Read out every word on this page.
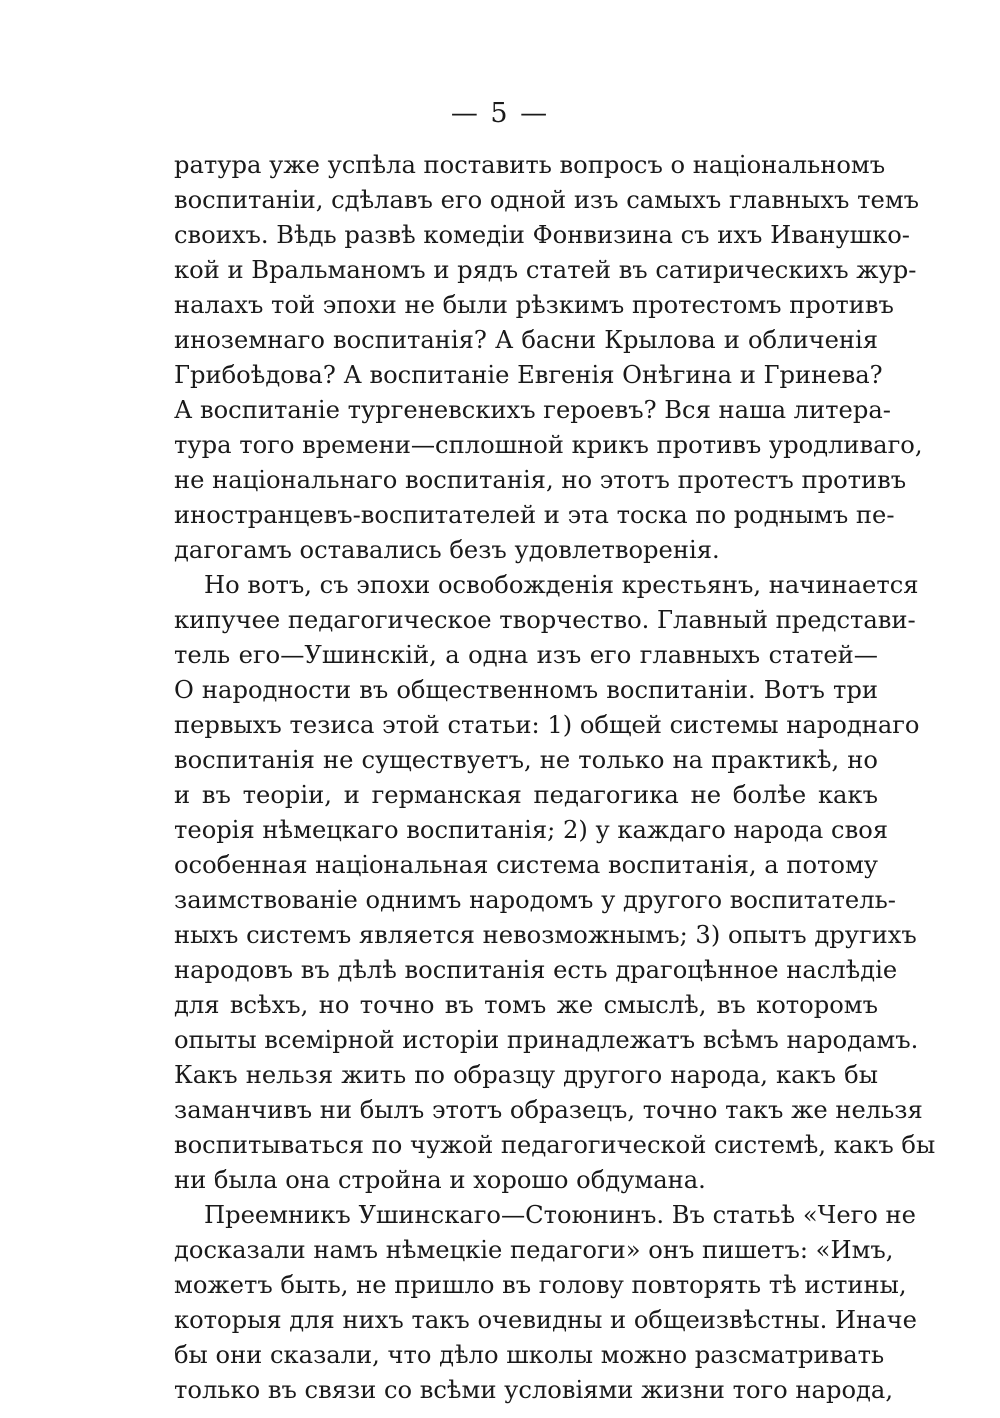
— 5 —

ратура уже успѣла поставить вопросъ о національномъ
воспитаніи, сдѣлавъ его одной изъ самыхъ главныхъ темъ
своихъ. Вѣдь развѣ комедіи Фонвизина съ ихъ Иванушко-
кой и Вральманомъ и рядъ статей въ сатирическихъ жур-
налахъ той эпохи не были рѣзкимъ протестомъ противъ
иноземнаго воспитанія? А басни Крылова и обличенія
Грибоѣдова? А воспитаніе Евгенія Онѣгина и Гринева?
А воспитаніе тургеневскихъ героевъ? Вся наша литера-
тура того времени—сплошной крикъ противъ уродливаго,
не національнаго воспитанія, но этотъ протестъ противъ
иностранцевъ-воспитателей и эта тоска по роднымъ пе-
дагогамъ оставались безъ удовлетворенія.
Но вотъ, съ эпохи освобожденія крестьянъ, начинается
кипучее педагогическое творчество. Главный представи-
тель его—Ушинскій, а одна изъ его главныхъ статей—
О народности въ общественномъ воспитаніи. Вотъ три
первыхъ тезиса этой статьи: 1) общей системы народнаго
воспитанія не существуетъ, не только на практикѣ, но
и въ теоріи, и германская педагогика не болѣе какъ
теорія нѣмецкаго воспитанія; 2) у каждаго народа своя
особенная національная система воспитанія, а потому
заимствованіе однимъ народомъ у другого воспитатель-
ныхъ системъ является невозможнымъ; 3) опытъ другихъ
народовъ въ дѣлѣ воспитанія есть драгоцѣнное наслѣдіе
для всѣхъ, но точно въ томъ же смыслѣ, въ которомъ
опыты всемірной исторіи принадлежатъ всѣмъ народамъ.
Какъ нельзя жить по образцу другого народа, какъ бы
заманчивъ ни былъ этотъ образецъ, точно такъ же нельзя
воспитываться по чужой педагогической системѣ, какъ бы
ни была она стройна и хорошо обдумана.
Преемникъ Ушинскаго—Стоюнинъ. Въ статьѣ «Чего не
досказали намъ нѣмецкіе педагоги» онъ пишетъ: «Имъ,
можетъ быть, не пришло въ голову повторять тѣ истины,
которыя для нихъ такъ очевидны и общеизвѣстны. Иначе
бы они сказали, что дѣло школы можно разсматривать
только въ связи со всѣми условіями жизни того народа,
